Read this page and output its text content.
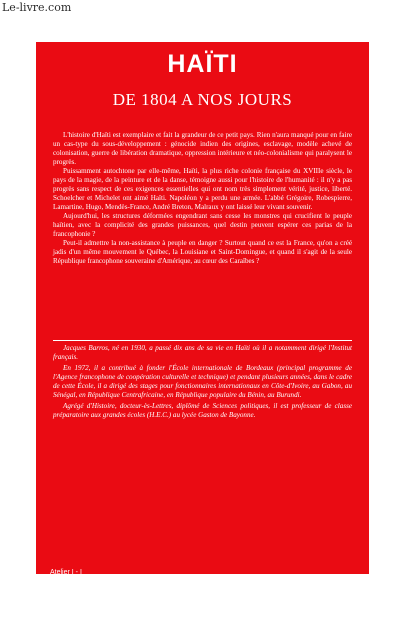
Le-livre.com
HAÏTI
DE 1804 A NOS JOURS

L'histoire d'Haïti est exemplaire et fait la grandeur de ce petit pays. Rien n'aura manqué pour en faire un cas-type du sous-développement : génocide indien des origines, esclavage, modèle achevé de colonisation, guerre de libération dramatique, oppression intérieure et néo-colonialisme qui paralysent le progrès.

Puissamment autochtone par elle-même, Haïti, la plus riche colonie française du XVIIIe siècle, le pays de la magie, de la peinture et de la danse, témoigne aussi pour l'histoire de l'humanité : il n'y a pas progrès sans respect de ces exigences essentielles qui ont nom très simplement vérité, justice, liberté. Schoelcher et Michelet ont aimé Haïti. Napoléon y a perdu une armée. L'abbé Grégoire, Robespierre, Lamartine, Hugo, Mendès-France, André Breton, Malraux y ont laissé leur vivant souvenir.

Aujourd'hui, les structures déformées engendrant sans cesse les monstres qui crucifient le peuple haïtien, avec la complicité des grandes puissances, quel destin peuvent espérer ces parias de la francophonie ?

Peut-il admettre la non-assistance à peuple en danger ? Surtout quand ce est la France, qu'on a créé jadis d'un même mouvement le Québec, la Louisiane et Saint-Domingue, et quand il s'agit de la seule République francophone souveraine d'Amérique, au cœur des Caraïbes ?

Jacques Barros, né en 1930, a passé dix ans de sa vie en Haïti où il a notamment dirigé l'Institut français.

En 1972, il a contribué à fonder l'École internationale de Bordeaux (principal programme de l'Agence francophone de coopération culturelle et technique) et pendant plusieurs années, dans le cadre de cette École, il a dirigé des stages pour fonctionnaires internationaux en Côte-d'Ivoire, au Gabon, au Sénégal, en République Centrafricaine, en République populaire du Bénin, au Burundi.

Agrégé d'Histoire, docteur-ès-Lettres, diplômé de Sciences politiques, il est professeur de classe préparatoire aux grandes écoles (H.E.C.) au lycée Gaston de Bayonne.

Atelier I - I
